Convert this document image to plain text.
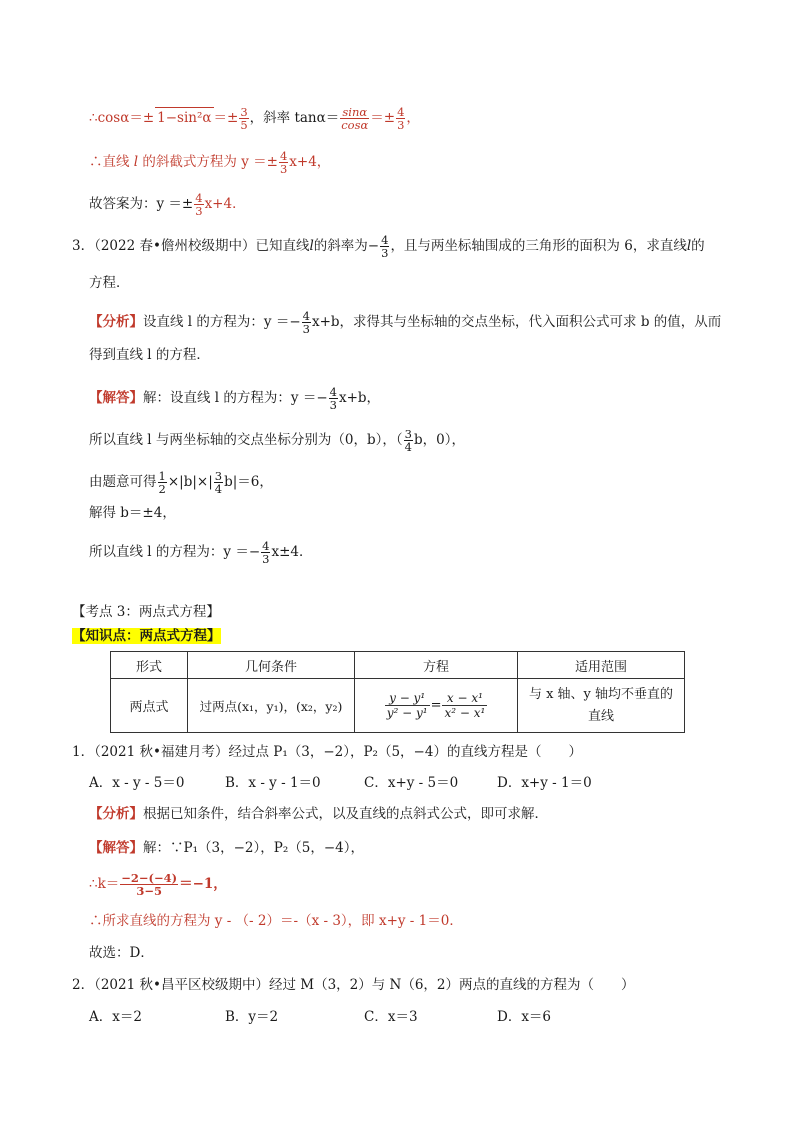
∴cosα＝± $1-\sin^2\alpha =\pm \frac{3}{5}$ ，斜率 $\tan\alpha= \frac{\sin\alpha}{\cos\alpha} =\pm \frac{4}{3}$ ，
∴直线 l 的斜截式方程为 $y =\pm \frac{4}{3} x+4$，
故答案为：$y =\pm \frac{4}{3} x+4$．
3．（2022 春•儋州校级期中）已知直线l的斜率为− $\frac{4}{3}$ ，且与两坐标轴围成的三角形的面积为 6，求直线l的
方程．
【分析】设直线 l 的方程为：$y =- \frac{4}{3} x+b$，求得其与坐标轴的交点坐标，代入面积公式可求 b 的值，从而
得到直线 l 的方程．
【解答】解：设直线 l 的方程为：$y =- \frac{4}{3} x+b$，
所以直线 l 与两坐标轴的交点坐标分别为（0，b），（ $\frac{3}{4}$ b，0），
由题意可得 $\frac{1}{2} \times|b|\times| \frac{3}{4} b|=6$，
解得 b＝±4，
所以直线 l 的方程为：$y =- \frac{4}{3} x\pm 4$．
【考点 3：两点式方程】
【知识点：两点式方程】
形式	几何条件	方程	适用范围
两点式	过两点(x₁，y₁)，(x₂，y₂)	$\frac{\text{y − y¹}}{\text{y² − y¹}} = \frac{\text{x − x¹}}{\text{x² − x¹}}$	与 x 轴、y 轴均不垂直的
直线
1．（2021 秋•福建月考）经过点 P₁（3，−2），P₂（5，−4）的直线方程是（　　）
A．x - y - 5＝0	B．x - y - 1＝0	C．x+y - 5＝0	D．x+y - 1＝0
【分析】根据已知条件，结合斜率公式，以及直线的点斜式公式，即可求解．
【解答】解：∵P₁（3，−2），P₂（5，−4），
∴k＝ $\frac{-2-(-4)}{3-5} =-1$，
∴所求直线的方程为 y - （- 2）＝-（x - 3），即 x+y - 1＝0．
故选：D．
2．（2021 秋•昌平区校级期中）经过 M（3，2）与 N（6，2）两点的直线的方程为（　　）
A．x＝2	B．y＝2	C．x＝3	D．x＝6
